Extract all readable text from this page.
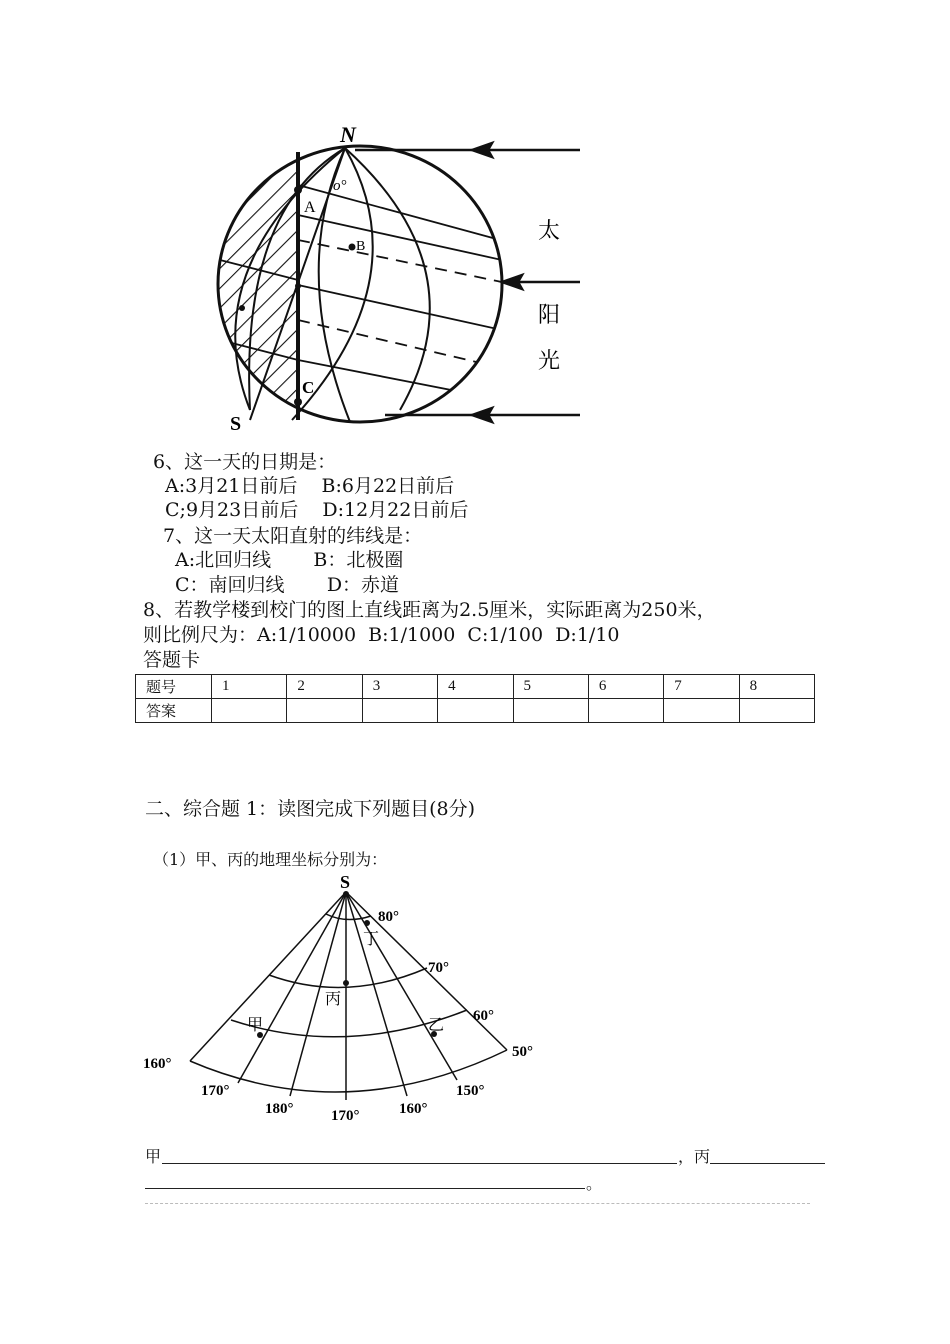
N
S
A
o°
B
C
太
阳
光
6、这一天的日期是：
A:3月21日前后    B:6月22日前后
C;9月23日前后    D:12月22日前后
7、这一天太阳直射的纬线是：
A:北回归线       B：北极圈
C：南回归线       D：赤道
8、若教学楼到校门的图上直线距离为2.5厘米，实际距离为250米，
则比例尺为：A:1/10000  B:1/1000  C:1/100  D:1/10
答题卡
题号	1	2	3	4	5	6	7	8
答案								
二、综合题 1：读图完成下列题目(8分)
（1）甲、丙的地理坐标分别为：
S
80°
70°
60°
50°
160°
170°
180°	170°	160°
150°
丁
丙
甲	乙
甲	，丙
。
